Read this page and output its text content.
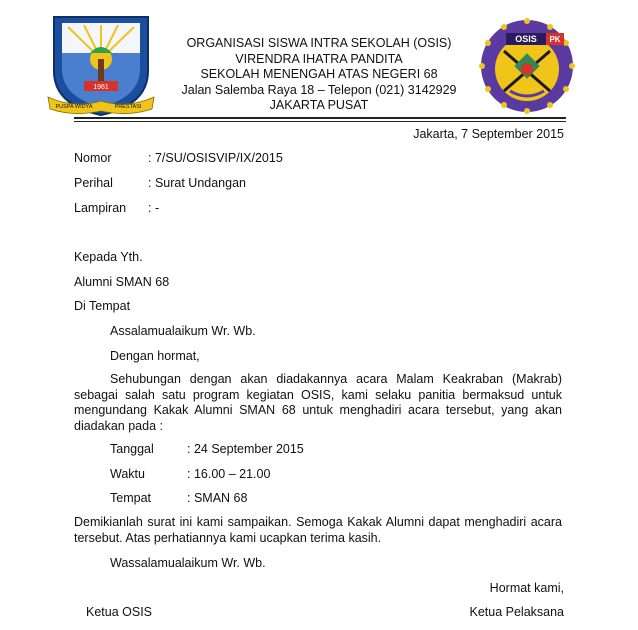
1961
PUSPA WIDYA	PRESTASI
OSIS PK
ORGANISASI SISWA INTRA SEKOLAH (OSIS)
VIRENDRA IHATRA PANDITA
SEKOLAH MENENGAH ATAS NEGERI 68
Jalan Salemba Raya 18 – Telepon (021) 3142929
JAKARTA PUSAT
Jakarta, 7 September 2015
Nomor	: 7/SU/OSISVIP/IX/2015
Perihal	: Surat Undangan
Lampiran : -
Kepada Yth.
Alumni SMAN 68
Di Tempat
Assalamualaikum Wr. Wb.
Dengan hormat,
Sehubungan dengan akan diadakannya acara Malam Keakraban (Makrab) sebagai salah satu program kegiatan OSIS, kami selaku panitia bermaksud untuk mengundang Kakak Alumni SMAN 68 untuk menghadiri acara tersebut, yang akan diadakan pada :
Tanggal	: 24 September 2015
Waktu	: 16.00 – 21.00
Tempat	: SMAN 68
Demikianlah surat ini kami sampaikan. Semoga Kakak Alumni dapat menghadiri acara tersebut. Atas perhatiannya kami ucapkan terima kasih.
Wassalamualaikum Wr. Wb.
Hormat kami,
Ketua OSIS	Ketua Pelaksana
